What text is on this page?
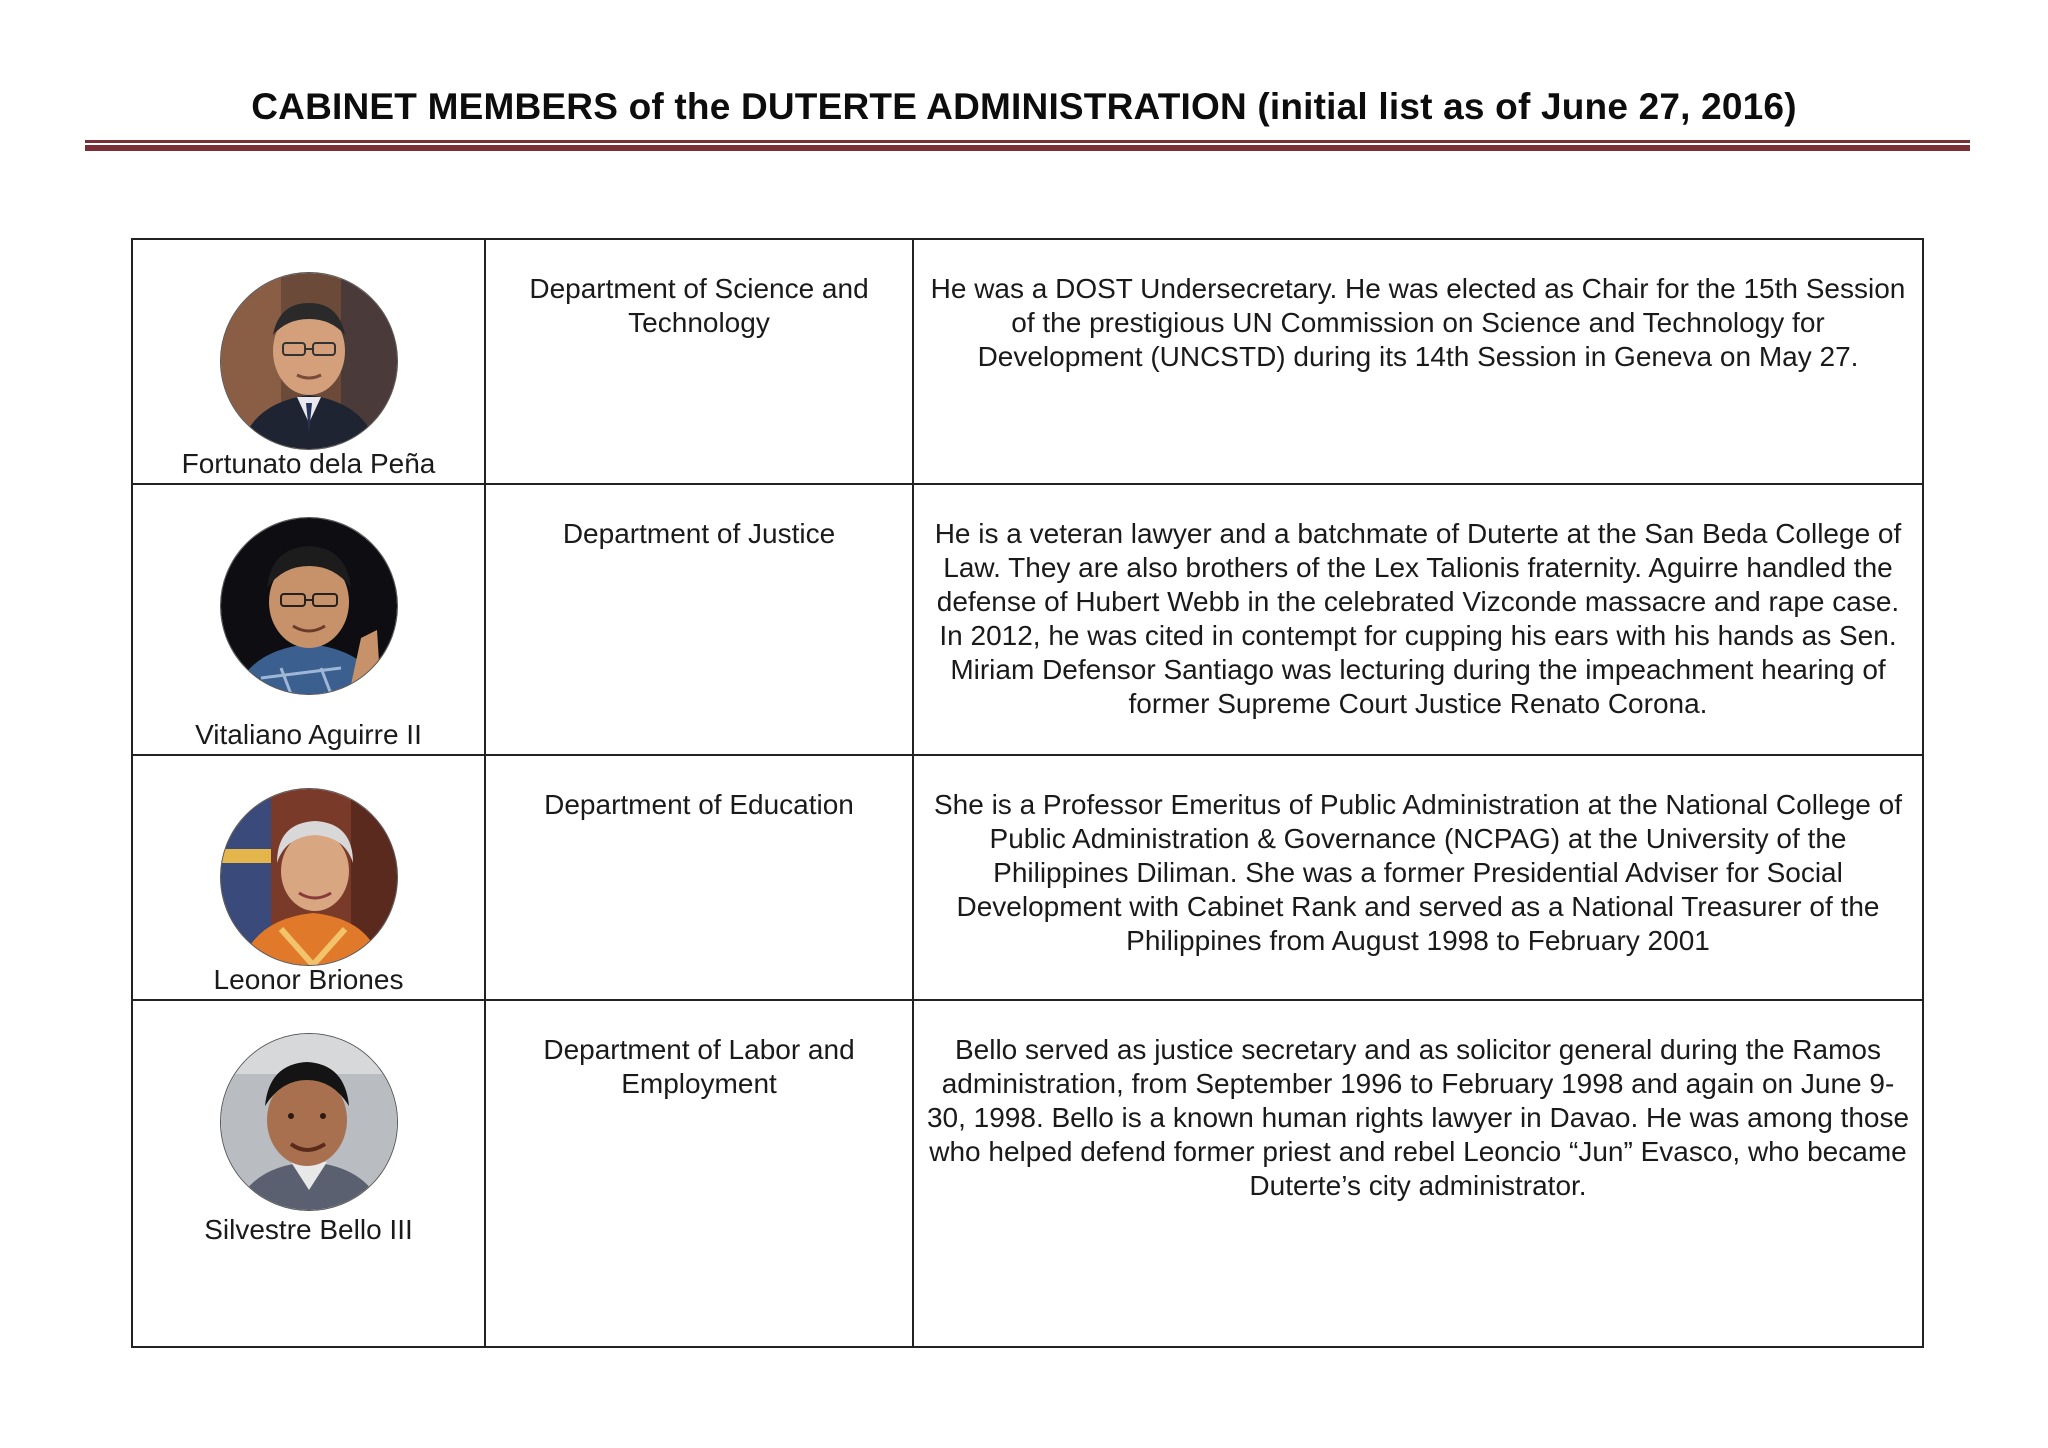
CABINET MEMBERS of the DUTERTE ADMINISTRATION (initial list as of June 27, 2016)
Fortunato dela Peña	Department of Science and Technology	He was a DOST Undersecretary. He was elected as Chair for the 15th Session of the prestigious UN Commission on Science and Technology for Development (UNCSTD) during its 14th Session in Geneva on May 27.

Vitaliano Aguirre II	Department of Justice	He is a veteran lawyer and a batchmate of Duterte at the San Beda College of Law. They are also brothers of the Lex Talionis fraternity. Aguirre handled the defense of Hubert Webb in the celebrated Vizconde massacre and rape case. In 2012, he was cited in contempt for cupping his ears with his hands as Sen. Miriam Defensor Santiago was lecturing during the impeachment hearing of former Supreme Court Justice Renato Corona.

Leonor Briones	Department of Education	She is a Professor Emeritus of Public Administration at the National College of Public Administration & Governance (NCPAG) at the University of the Philippines Diliman. She was a former Presidential Adviser for Social Development with Cabinet Rank and served as a National Treasurer of the Philippines from August 1998 to February 2001

Silvestre Bello III	Department of Labor and Employment	Bello served as justice secretary and as solicitor general during the Ramos administration, from September 1996 to February 1998 and again on June 9-30, 1998. Bello is a known human rights lawyer in Davao. He was among those who helped defend former priest and rebel Leoncio “Jun” Evasco, who became Duterte’s city administrator.
